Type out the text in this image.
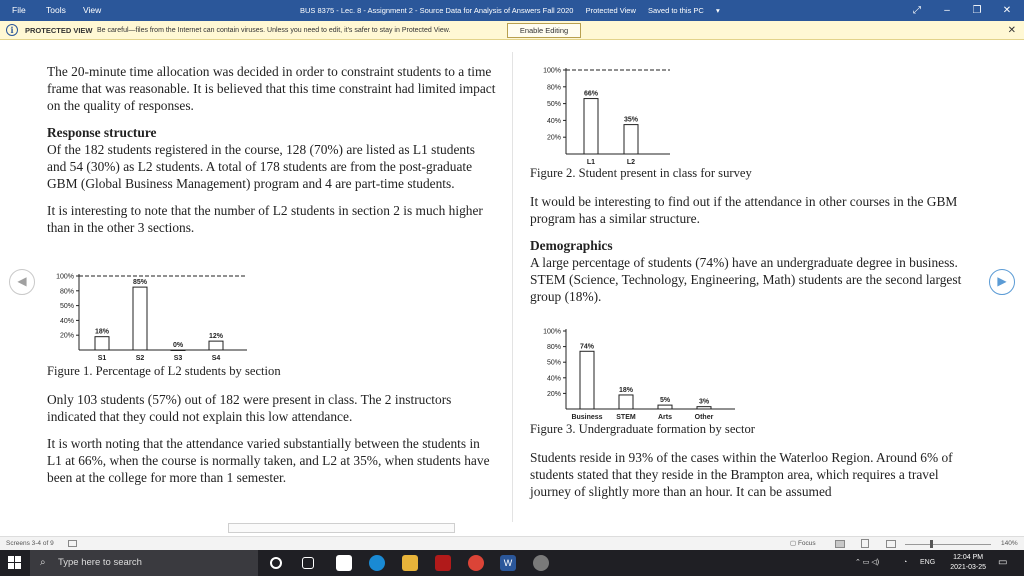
File Tools View	BUS 8375 - Lec. 8 - Assignment 2 - Source Data for Analysis of Answers Fall 2020 Protected View Saved to this PC ▾	⤢	–	❐	✕
i	PROTECTED VIEW Be careful—files from the Internet can contain viruses. Unless you need to edit, it's safer to stay in Protected View.	Enable Editing	✕
◀	▶

The 20-minute time allocation was decided in order to constraint students to a time frame that was reasonable. It is believed that this time constraint had limited impact on the quality of responses.

Response structure

Of the 182 students registered in the course, 128 (70%) are listed as L1 students and 54 (30%) as L2 students. A total of 178 students are from the post-graduate GBM (Global Business Management) program and 4 are part-time students.

It is interesting to note that the number of L2 students in section 2 is much higher than in the other 3 sections.

100%
80%
50%
40%
20%
18%
S1
85%
S2
0%
S3
12%
S4
Figure 1. Percentage of L2 students by section

Only 103 students (57%) out of 182 were present in class. The 2 instructors indicated that they could not explain this low attendance.

It is worth noting that the attendance varied substantially between the students in L1 at 66%, when the course is normally taken, and L2 at 35%, when students have been at the college for more than 1 semester.

100%
80%
50%
40%
20%
66%
L1
35%
L2
Figure 2. Student present in class for survey

It would be interesting to find out if the attendance in other courses in the GBM program has a similar structure.

Demographics

A large percentage of students (74%) have an undergraduate degree in business. STEM (Science, Technology, Engineering, Math) students are the second largest group (18%).

100%
80%
50%
40%
20%
74%
Business
18%
STEM
5%
Arts
3%
Other
Figure 3. Undergraduate formation by sector

Students reside in 93% of the cases within the Waterloo Region. Around 6% of students stated that they reside in the Brampton area, which requires a travel journey of slightly more than an hour. It can be assumed

Screens 3-4 of 9	▢ Focus	140%
⌕ Type here to search	W	⌃ ▭ ◁)	◔ ENG
12:04 PM
2021-03-25 ▭
